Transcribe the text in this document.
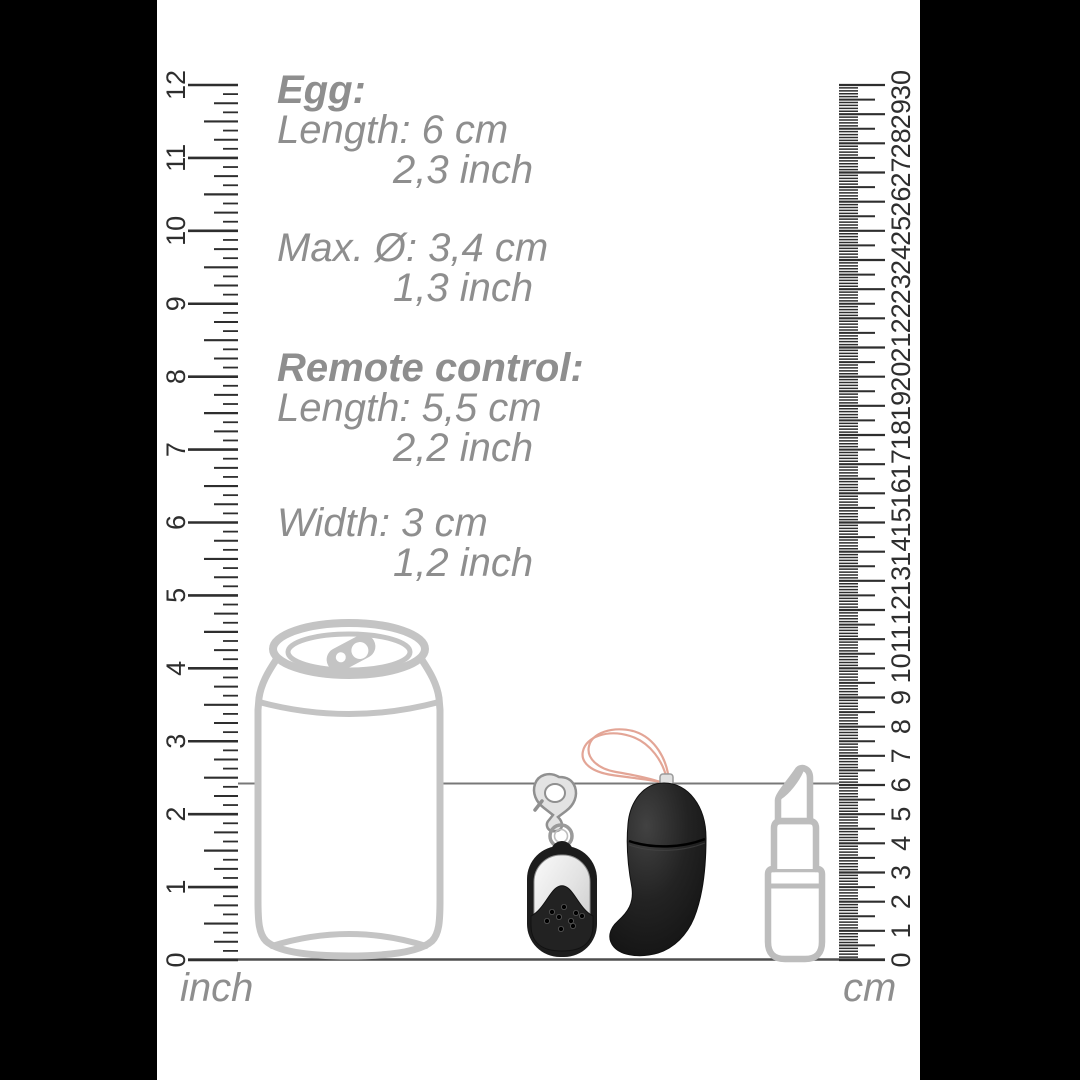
0
1
2
3
4
5
6
7
8
9
10
11
12
0
1
2
3
4
5
6
7
8
9
10
11
12
13
14
15
16
17
18
19
20
21
22
23
24
25
26
27
28
29
30
Egg:
Length: 6 cm
2,3 inch
Max. Ø: 3,4 cm
1,3 inch
Remote control:
Length: 5,5 cm
2,2 inch
Width: 3 cm
1,2 inch
inch	cm
